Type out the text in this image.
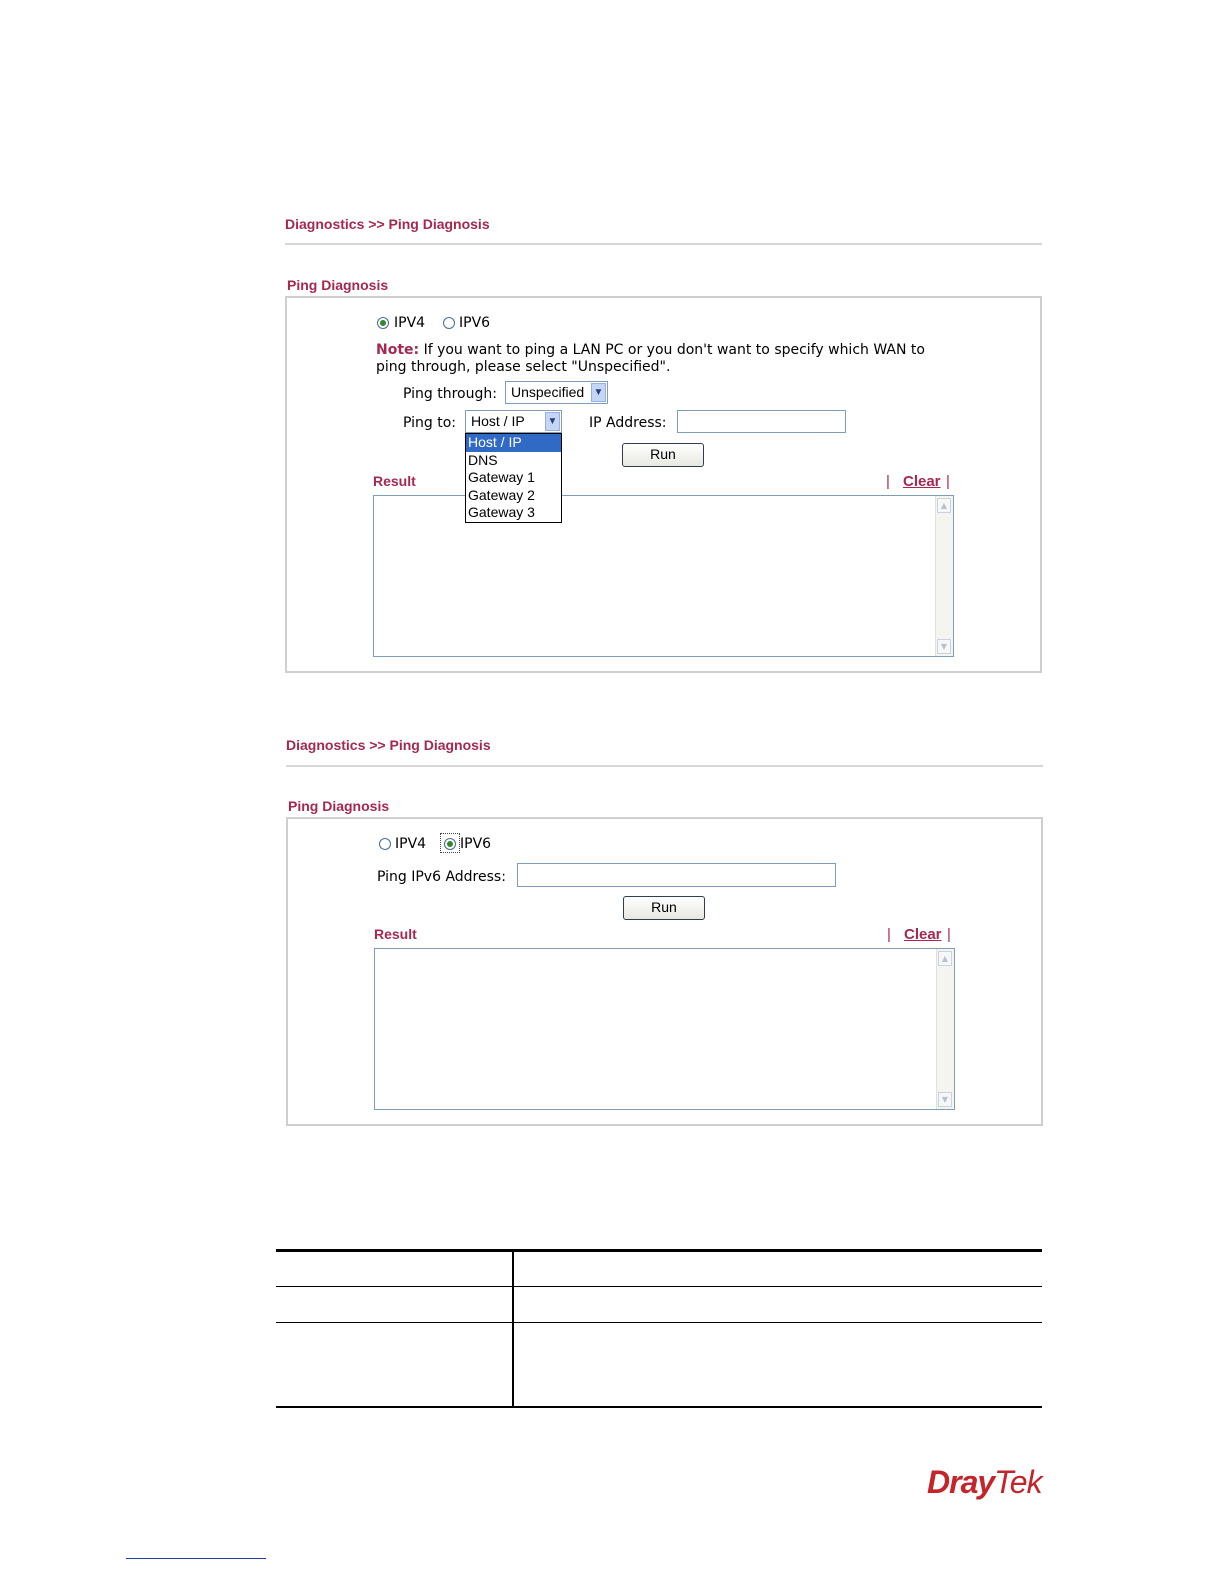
Diagnostics >> Ping Diagnosis
Ping Diagnosis
IPV4 IPV6
Note: If you want to ping a LAN PC or you don't want to specify which WAN to
ping through, please select "Unspecified".
Ping through: Unspecified ▼
Ping to: Host / IP ▼ IP Address:
Run
Result	| Clear |
▲
▼
Host / IP
DNS
Gateway 1
Gateway 2
Gateway 3
Diagnostics >> Ping Diagnosis
Ping Diagnosis
IPV4 IPV6
Ping IPv6 Address:
Run
Result	| Clear |
▲
▼
DrayTek
